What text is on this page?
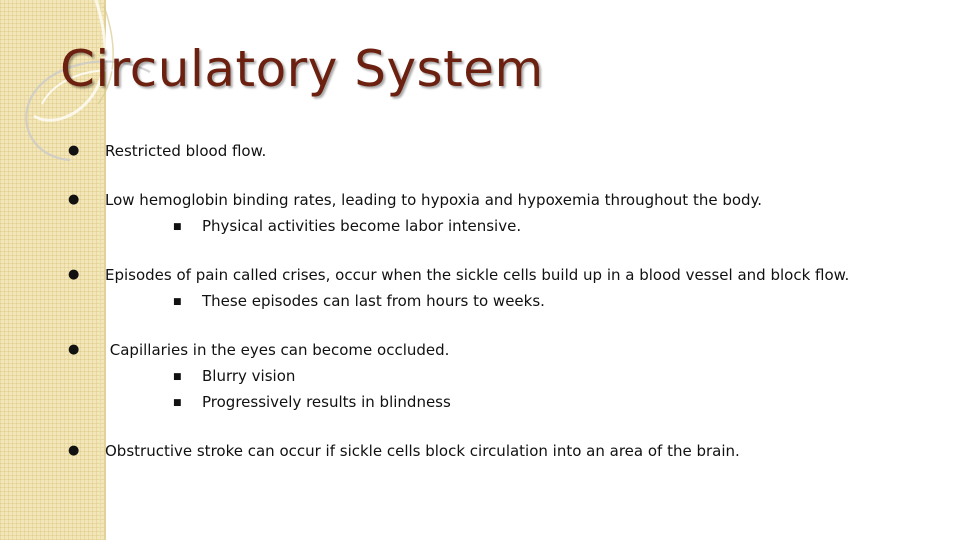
Circulatory System
●	Restricted blood flow.
●	Low hemoglobin binding rates, leading to hypoxia and hypoxemia throughout the body.
■	Physical activities become labor intensive.
●	Episodes of pain called crises, occur when the sickle cells build up in a blood vessel and block flow.
■	These episodes can last from hours to weeks.
●	Capillaries in the eyes can become occluded.
■	Blurry vision
■	Progressively results in blindness
●	Obstructive stroke can occur if sickle cells block circulation into an area of the brain.
